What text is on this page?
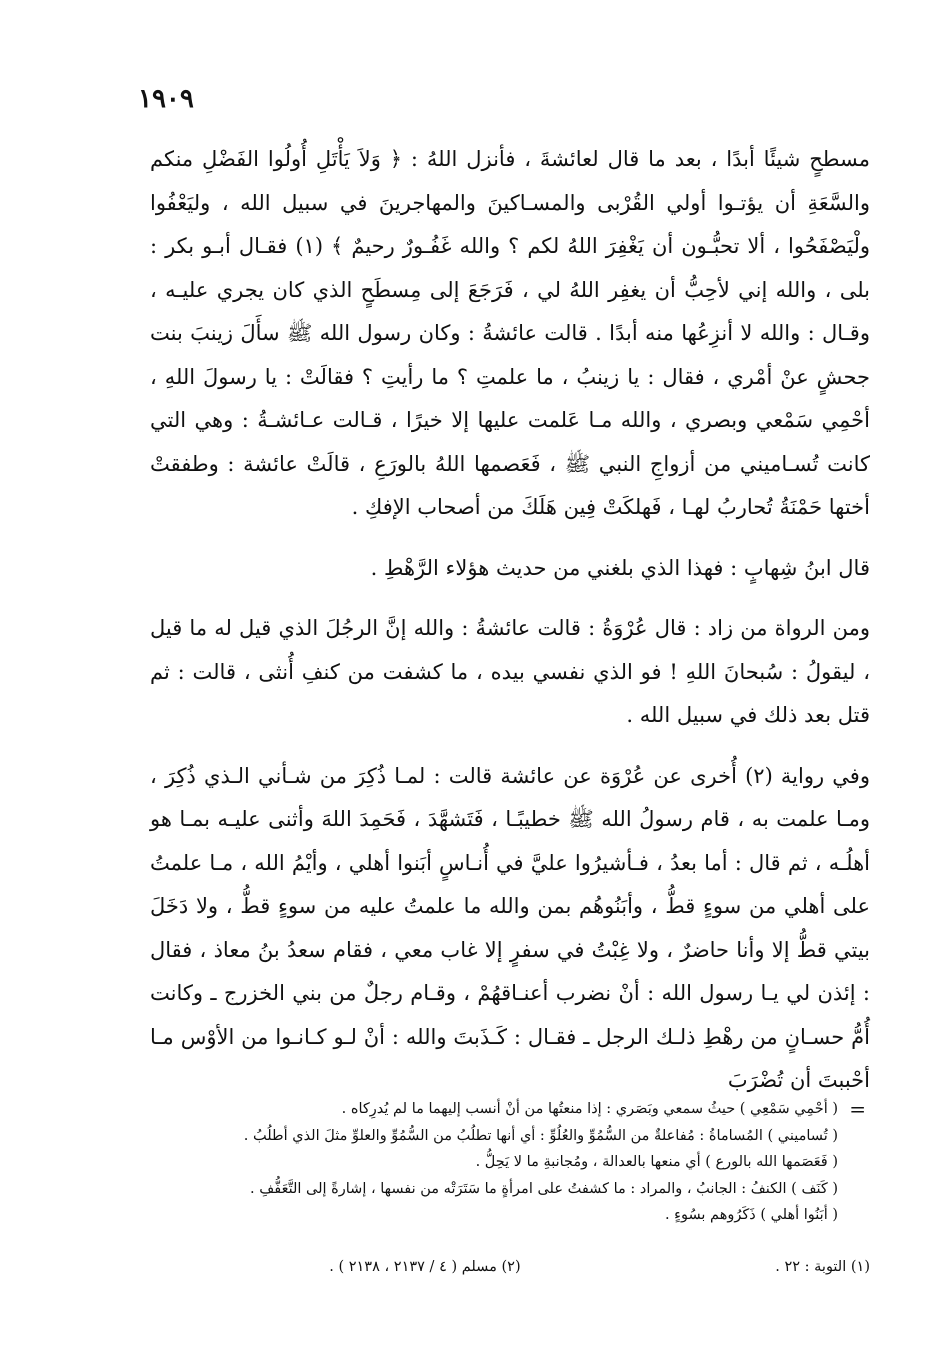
١٩٠٩

مسطحٍ شيئًا أبدًا ، بعد ما قال لعائشةَ ، فأنزل اللهُ : ﴿ وَلاَ يَأْتَلِ أُولُوا الفَضْلِ منكم والسَّعَةِ أن يؤتـوا أولي القُرْبى والمسـاكينَ والمهاجرينَ في سبيل الله ، وليَعْفُوا ولْيَصْفَحُوا ، ألا تحبُّـون أن يَغْفِرَ اللهُ لكم ؟ والله غَفُـورٌ رحيمٌ ﴾ (١) فقـال أبـو بكر : بلى ، والله إني لأحِبُّ أن يغفِر اللهُ لي ، فَرَجَعَ إلى مِسطَحٍ الذي كان يجري عليـه ، وقـال : والله لا أنزِعُها منه أبدًا . قالت عائشةُ : وكان رسول الله ﷺ سأَلَ زينبَ بنت جحشٍ عنْ أمْري ، فقال : يا زينبُ ، ما علمتِ ؟ ما رأيتِ ؟ فقالَتْ : يا رسولَ اللهِ ، أحْمِي سَمْعي وبصري ، والله مـا عَلمت عليها إلا خيرًا ، قـالت عـائشـةُ : وهي التي كانت تُسـاميني من أزواجِ النبي ﷺ ، فَعَصمها اللهُ بالورَعِ ، قالَتْ عائشة : وطفقتْ أختها حَمْنَةُ تُحاربُ لهـا ، فَهلكَتْ فِين هَلَكَ من أصحاب الإفكِ .

قال ابنُ شِهابٍ : فهذا الذي بلغني من حديث هؤلاء الرَّهْطِ .

ومن الرواة من زاد : قال عُرْوَةُ : قالت عائشةُ : والله إنَّ الرجُلَ الذي قيل له ما قيل ، ليقولُ : سُبحانَ اللهِ ! فو الذي نفسي بيده ، ما كشفت من كنفِ أُنثى ، قالت : ثم قتل بعد ذلك في سبيل الله .

وفي رواية (٢) أُخرى عن عُرْوَة عن عائشة قالت : لمـا ذُكِرَ من شـأني الـذي ذُكِرَ ، ومـا علمت به ، قام رسولُ الله ﷺ خطيبًـا ، فَتَشهَّدَ ، فَحَمِدَ اللهَ وأثنى عليـه بمـا هو أهلُـه ، ثم قال : أما بعدُ ، فـأشيرُوا عليَّ في أُنـاسٍ أبَنوا أهلي ، وأيْمُ الله ، مـا علمتُ على أهلي من سوءٍ قطُّ ، وأبَنُوهُم بمن والله ما علمتُ عليه من سوءٍ قطُّ ، ولا دَخَلَ بيتي قطُّ إلا وأنا حاضرٌ ، ولا غِبْتُ في سفرٍ إلا غاب معي ، فقام سعدُ بنُ معاذ ، فقال : إئذن لي يـا رسول الله : أنْ نضرب أعنـاقهُمْ ، وقـام رجلٌ من بني الخزرج ـ وكانت أُمُّ حسـانٍ من رهْطِ ذلـك الرجل ـ فقـال : كَـذَبتَ والله : أنْ لـو كـانـوا من الأوْس مـا أحْببتَ أن تُضْرَبَ

=

( أحْمِي سَمْعِي ) حيثُ سمعي وبَصَري : إذا منعتُها من أنْ أنسب إليهما ما لم يُدرِكاه .

( تُساميني ) المُساماةُ : مُفاعلةٌ من السُّمُوِّ والعُلُوِّ : أي أنها تطلُبُ من السُّمُوِّ والعلوِّ مثلَ الذي أطلُبُ .

( فَعَصَمها الله بالورع ) أي منعها بالعدالة ، ومُجانبةِ ما لا يَحِلُّ .

( كَنَف ) الكنفُ : الجانبُ ، والمراد : ما كشفتُ على امرأةٍ ما سَتَرَتْه من نفسها ، إشارةً إلى التَّعَفُّفِ .

( أبَنُوا أهلي ) ذَكَرُوهم بسُوءٍ .

(١) التوبة : ٢٢ . (٢) مسلم ( ٤ / ٢١٣٧ ، ٢١٣٨ ) .
